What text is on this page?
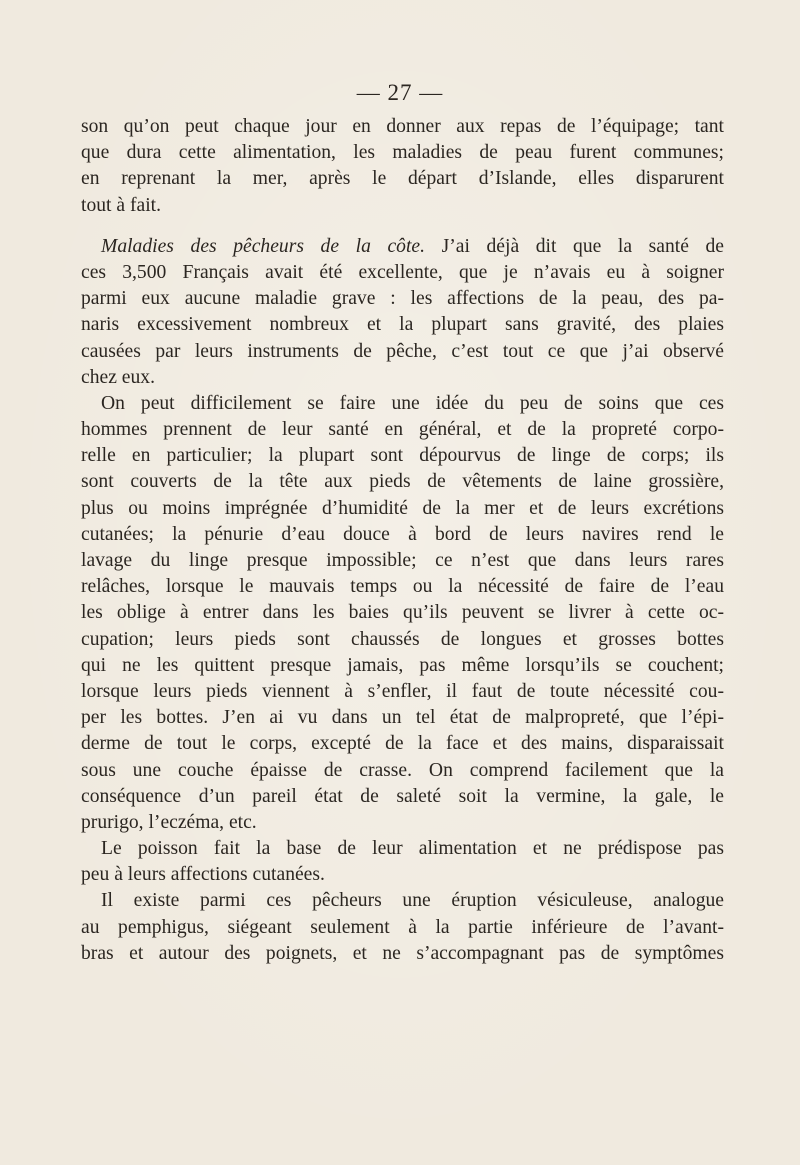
— 27 —
son qu’on peut chaque jour en donner aux repas de l’équipage; tant
que dura cette alimentation, les maladies de peau furent communes;
en reprenant la mer, après le départ d’Islande, elles disparurent
tout à fait.
Maladies des pêcheurs de la côte. J’ai déjà dit que la santé de
ces 3,500 Français avait été excellente, que je n’avais eu à soigner
parmi eux aucune maladie grave : les affections de la peau, des pa-
naris excessivement nombreux et la plupart sans gravité, des plaies
causées par leurs instruments de pêche, c’est tout ce que j’ai observé
chez eux.
On peut difficilement se faire une idée du peu de soins que ces
hommes prennent de leur santé en général, et de la propreté corpo-
relle en particulier; la plupart sont dépourvus de linge de corps; ils
sont couverts de la tête aux pieds de vêtements de laine grossière,
plus ou moins imprégnée d’humidité de la mer et de leurs excrétions
cutanées; la pénurie d’eau douce à bord de leurs navires rend le
lavage du linge presque impossible; ce n’est que dans leurs rares
relâches, lorsque le mauvais temps ou la nécessité de faire de l’eau
les oblige à entrer dans les baies qu’ils peuvent se livrer à cette oc-
cupation; leurs pieds sont chaussés de longues et grosses bottes
qui ne les quittent presque jamais, pas même lorsqu’ils se couchent;
lorsque leurs pieds viennent à s’enfler, il faut de toute nécessité cou-
per les bottes. J’en ai vu dans un tel état de malpropreté, que l’épi-
derme de tout le corps, excepté de la face et des mains, disparaissait
sous une couche épaisse de crasse. On comprend facilement que la
conséquence d’un pareil état de saleté soit la vermine, la gale, le
prurigo, l’eczéma, etc.
Le poisson fait la base de leur alimentation et ne prédispose pas
peu à leurs affections cutanées.
Il existe parmi ces pêcheurs une éruption vésiculeuse, analogue
au pemphigus, siégeant seulement à la partie inférieure de l’avant-
bras et autour des poignets, et ne s’accompagnant pas de symptômes
